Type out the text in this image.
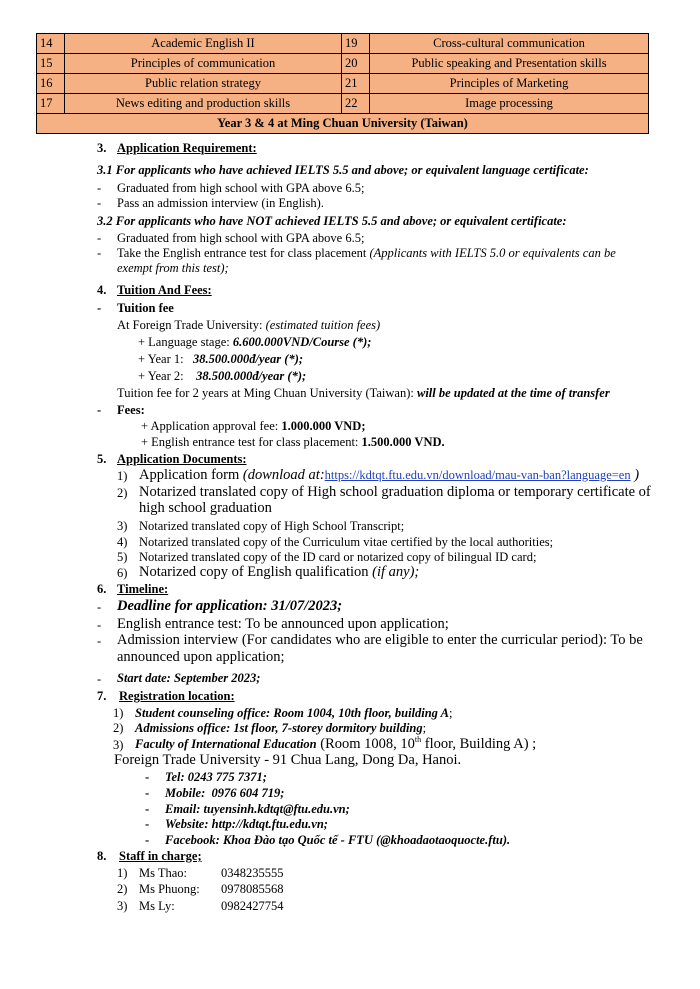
14	Academic English II	19	Cross-cultural communication
15	Principles of communication	20	Public speaking and Presentation skills
16	Public relation strategy	21	Principles of Marketing
17	News editing and production skills	22	Image processing
Year 3 & 4 at Ming Chuan University (Taiwan)			
3. Application Requirement:
3.1 For applicants who have achieved IELTS 5.5 and above; or equivalent language certificate:
- Graduated from high school with GPA above 6.5;
- Pass an admission interview (in English).
3.2 For applicants who have NOT achieved IELTS 5.5 and above; or equivalent certificate:
- Graduated from high school with GPA above 6.5;
- Take the English entrance test for class placement (Applicants with IELTS 5.0 or equivalents can be
exempt from this test);
4. Tuition And Fees:
- Tuition fee
At Foreign Trade University: (estimated tuition fees)
+ Language stage: 6.600.000VND/Course (*);
+ Year 1:   38.500.000đ/year (*);
+ Year 2:    38.500.000đ/year (*);
Tuition fee for 2 years at Ming Chuan University (Taiwan): will be updated at the time of transfer
- Fees:
+ Application approval fee: 1.000.000 VND;
+ English entrance test for class placement: 1.500.000 VND.
5. Application Documents:
1) Application form (download at:https://kdtqt.ftu.edu.vn/download/mau-van-ban?language=en )
2) Notarized translated copy of High school graduation diploma or temporary certificate of
high school graduation
3) Notarized translated copy of High School Transcript;
4) Notarized translated copy of the Curriculum vitae certified by the local authorities;
5) Notarized translated copy of the ID card or notarized copy of bilingual ID card;
6) Notarized copy of English qualification (if any);
6. Timeline:
- Deadline for application: 31/07/2023;
- English entrance test: To be announced upon application;
- Admission interview (For candidates who are eligible to enter the curricular period): To be
announced upon application;
- Start date: September 2023;
7. Registration location:
1) Student counseling office: Room 1004, 10th floor, building A;
2) Admissions office: 1st floor, 7-storey dormitory building;
3) Faculty of International Education (Room 1008, 10th floor, Building A) ;
Foreign Trade University - 91 Chua Lang, Dong Da, Hanoi.
- Tel: 0243 775 7371;
- Mobile:  0976 604 719;
- Email: tuyensinh.kdtqt@ftu.edu.vn;
- Website: http://kdtqt.ftu.edu.vn;
- Facebook: Khoa Đào tạo Quốc tế - FTU (@khoadaotaoquocte.ftu).
8. Staff in charge;
1) Ms Thao:	0348235555
2) Ms Phuong: 0978085568
3) Ms Ly:	0982427754
